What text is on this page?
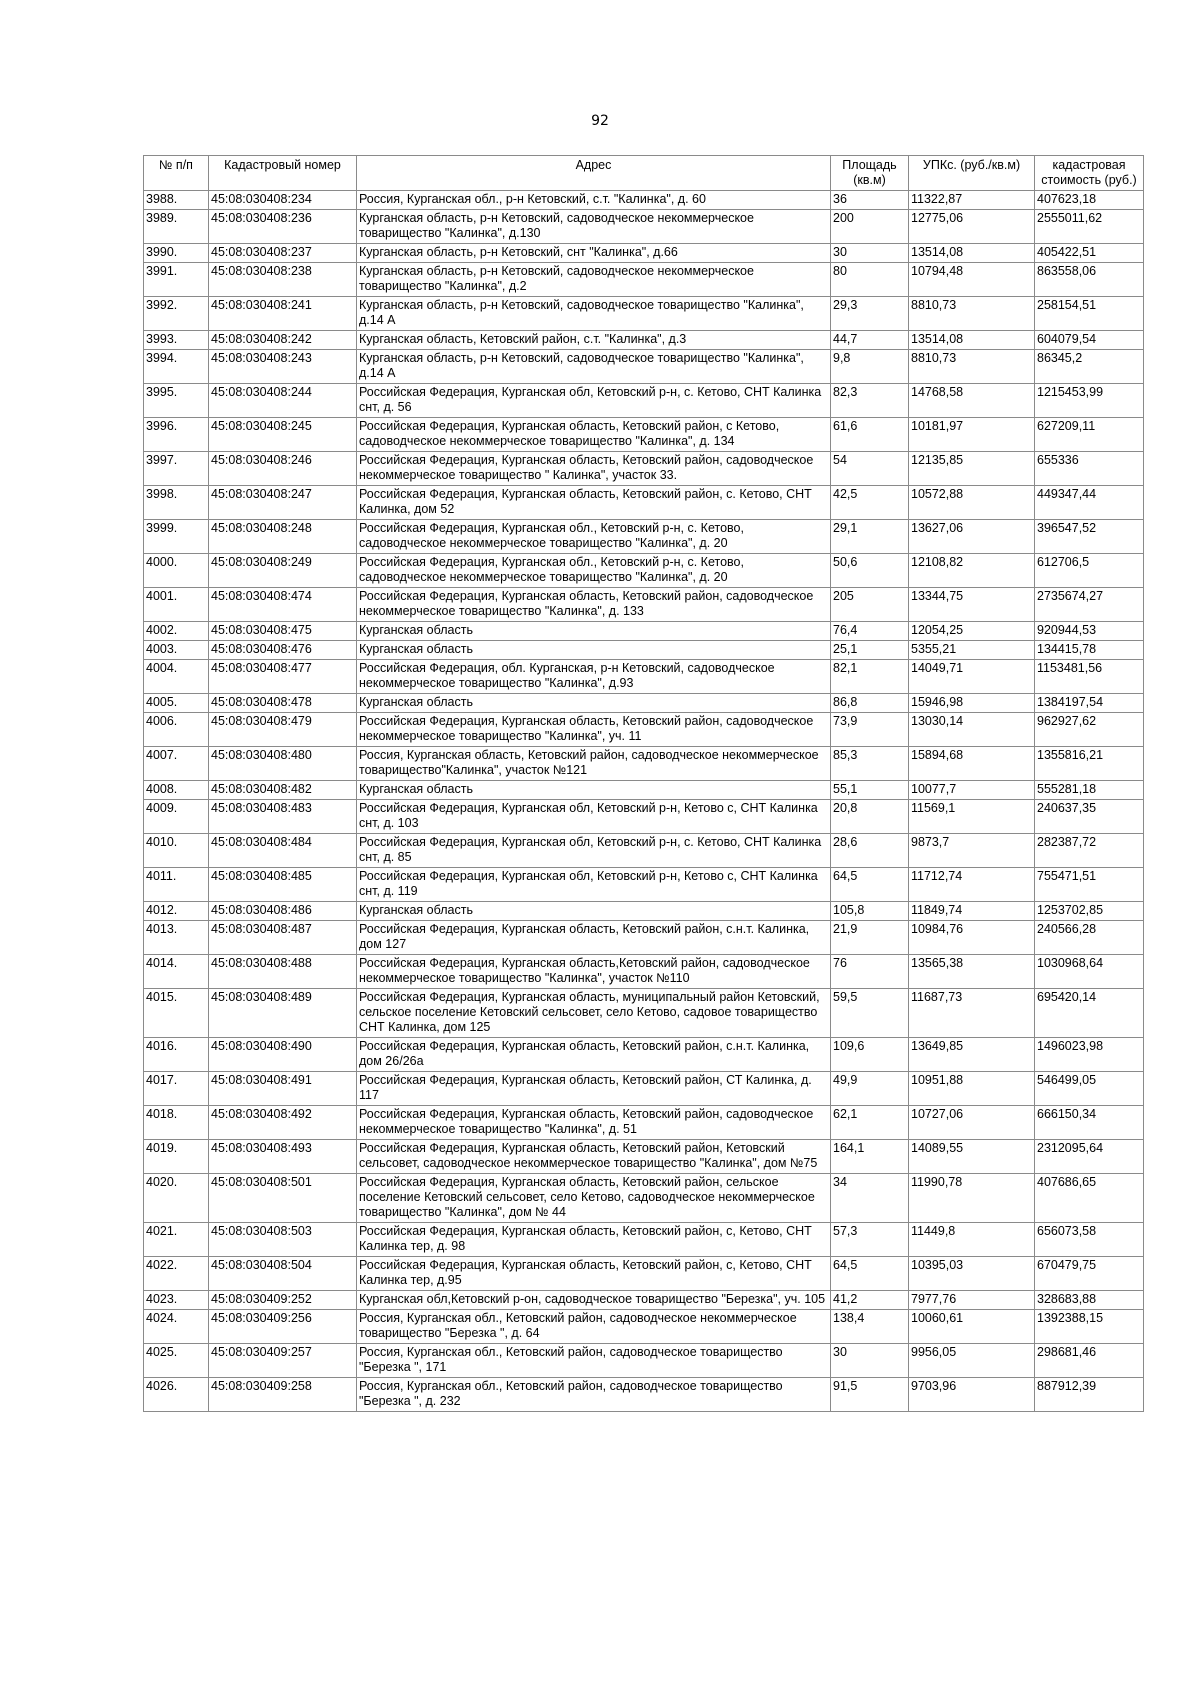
92
№ п/п	Кадастровый номер	Адрес	Площадь (кв.м)	УПКс. (руб./кв.м)	кадастровая стоимость (руб.)
3988.	45:08:030408:234	Россия, Курганская обл., р-н Кетовский, с.т. "Калинка", д. 60	36	11322,87	407623,18
3989.	45:08:030408:236	Курганская область, р-н Кетовский, садоводческое некоммерческое товарищество "Калинка", д.130	200	12775,06	2555011,62
3990.	45:08:030408:237	Курганская область, р-н Кетовский, снт "Калинка", д.66	30	13514,08	405422,51
3991.	45:08:030408:238	Курганская область, р-н Кетовский, садоводческое некоммерческое товарищество "Калинка", д.2	80	10794,48	863558,06
3992.	45:08:030408:241	Курганская область, р-н Кетовский, садоводческое товарищество "Калинка", д.14 А	29,3	8810,73	258154,51
3993.	45:08:030408:242	Курганская область, Кетовский район, с.т. "Калинка", д.3	44,7	13514,08	604079,54
3994.	45:08:030408:243	Курганская область, р-н Кетовский, садоводческое товарищество "Калинка", д.14 А	9,8	8810,73	86345,2
3995.	45:08:030408:244	Российская Федерация, Курганская обл, Кетовский р-н, с. Кетово, СНТ Калинка снт, д. 56	82,3	14768,58	1215453,99
3996.	45:08:030408:245	Российская Федерация, Курганская область, Кетовский район, с Кетово, садоводческое некоммерческое товарищество "Калинка", д. 134	61,6	10181,97	627209,11
3997.	45:08:030408:246	Российская Федерация, Курганская область, Кетовский район, садоводческое некоммерческое товарищество " Калинка", участок 33.	54	12135,85	655336
3998.	45:08:030408:247	Российская Федерация, Курганская область, Кетовский район, с. Кетово, СНТ Калинка, дом 52	42,5	10572,88	449347,44
3999.	45:08:030408:248	Российская Федерация, Курганская обл., Кетовский р-н, с. Кетово, садоводческое некоммерческое товарищество "Калинка", д. 20	29,1	13627,06	396547,52
4000.	45:08:030408:249	Российская Федерация, Курганская обл., Кетовский р-н, с. Кетово, садоводческое некоммерческое товарищество "Калинка", д. 20	50,6	12108,82	612706,5
4001.	45:08:030408:474	Российская Федерация, Курганская область, Кетовский район, садоводческое некоммерческое товарищество "Калинка", д. 133	205	13344,75	2735674,27
4002.	45:08:030408:475	Курганская область	76,4	12054,25	920944,53
4003.	45:08:030408:476	Курганская область	25,1	5355,21	134415,78
4004.	45:08:030408:477	Российская Федерация, обл. Курганская, р-н Кетовский, садоводческое некоммерческое товарищество "Калинка", д.93	82,1	14049,71	1153481,56
4005.	45:08:030408:478	Курганская область	86,8	15946,98	1384197,54
4006.	45:08:030408:479	Российская Федерация, Курганская область, Кетовский район, садоводческое некоммерческое товарищество "Калинка", уч. 11	73,9	13030,14	962927,62
4007.	45:08:030408:480	Россия, Курганская область, Кетовский район, садоводческое некоммерческое товарищество"Калинка", участок №121	85,3	15894,68	1355816,21
4008.	45:08:030408:482	Курганская область	55,1	10077,7	555281,18
4009.	45:08:030408:483	Российская Федерация, Курганская обл, Кетовский р-н, Кетово с, СНТ Калинка снт, д. 103	20,8	11569,1	240637,35
4010.	45:08:030408:484	Российская Федерация, Курганская обл, Кетовский р-н, с. Кетово, СНТ Калинка снт, д. 85	28,6	9873,7	282387,72
4011.	45:08:030408:485	Российская Федерация, Курганская обл, Кетовский р-н, Кетово с, СНТ Калинка снт, д. 119	64,5	11712,74	755471,51
4012.	45:08:030408:486	Курганская область	105,8	11849,74	1253702,85
4013.	45:08:030408:487	Российская Федерация, Курганская область, Кетовский район, с.н.т. Калинка, дом 127	21,9	10984,76	240566,28
4014.	45:08:030408:488	Российская Федерация, Курганская область,Кетовский район, садоводческое некоммерческое товарищество "Калинка", участок №110	76	13565,38	1030968,64
4015.	45:08:030408:489	Российская Федерация, Курганская область, муниципальный район Кетовский, сельское поселение Кетовский сельсовет, село Кетово, садовое товарищество СНТ Калинка, дом 125	59,5	11687,73	695420,14
4016.	45:08:030408:490	Российская Федерация, Курганская область, Кетовский район, с.н.т. Калинка, дом 26/26а	109,6	13649,85	1496023,98
4017.	45:08:030408:491	Российская Федерация, Курганская область, Кетовский район, СТ Калинка, д. 117	49,9	10951,88	546499,05
4018.	45:08:030408:492	Российская Федерация, Курганская область, Кетовский район, садоводческое некоммерческое товарищество "Калинка", д. 51	62,1	10727,06	666150,34
4019.	45:08:030408:493	Российская Федерация, Курганская область, Кетовский район, Кетовский сельсовет, садоводческое некоммерческое товарищество "Калинка", дом №75	164,1	14089,55	2312095,64
4020.	45:08:030408:501	Российская Федерация, Курганская область, Кетовский район, сельское поселение Кетовский сельсовет, село Кетово, садоводческое некоммерческое товарищество "Калинка", дом № 44	34	11990,78	407686,65
4021.	45:08:030408:503	Российская Федерация, Курганская область, Кетовский район, с, Кетово, СНТ Калинка тер, д. 98	57,3	11449,8	656073,58
4022.	45:08:030408:504	Российская Федерация, Курганская область, Кетовский район, с, Кетово, СНТ Калинка тер, д.95	64,5	10395,03	670479,75
4023.	45:08:030409:252	Курганская обл,Кетовский р-он, садоводческое товарищество "Березка", уч. 105	41,2	7977,76	328683,88
4024.	45:08:030409:256	Россия, Курганская обл., Кетовский район, садоводческое некоммерческое товарищество "Березка ", д. 64	138,4	10060,61	1392388,15
4025.	45:08:030409:257	Россия, Курганская обл., Кетовский район, садоводческое товарищество "Березка ", 171	30	9956,05	298681,46
4026.	45:08:030409:258	Россия, Курганская обл., Кетовский район, садоводческое товарищество "Березка ", д. 232	91,5	9703,96	887912,39
